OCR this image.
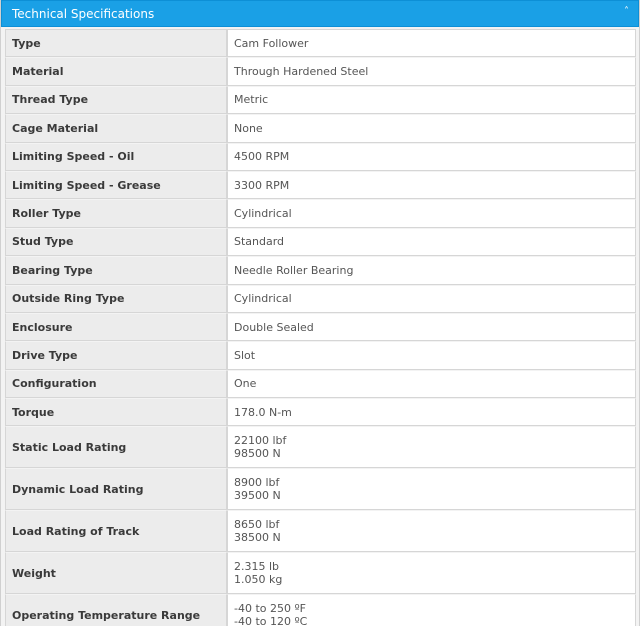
Technical Specifications	˄
Type	Cam Follower
Material	Through Hardened Steel
Thread Type	Metric
Cage Material	None
Limiting Speed - Oil	4500 RPM
Limiting Speed - Grease	3300 RPM
Roller Type	Cylindrical
Stud Type	Standard
Bearing Type	Needle Roller Bearing
Outside Ring Type	Cylindrical
Enclosure	Double Sealed
Drive Type	Slot
Configuration	One
Torque	178.0 N-m
Static Load Rating	22100 lbf
98500 N

Dynamic Load Rating	8900 lbf
39500 N

Load Rating of Track	8650 lbf
38500 N

Weight	2.315 lb
1.050 kg

Operating Temperature Range	-40 to 250 ºF
-40 to 120 ºC
